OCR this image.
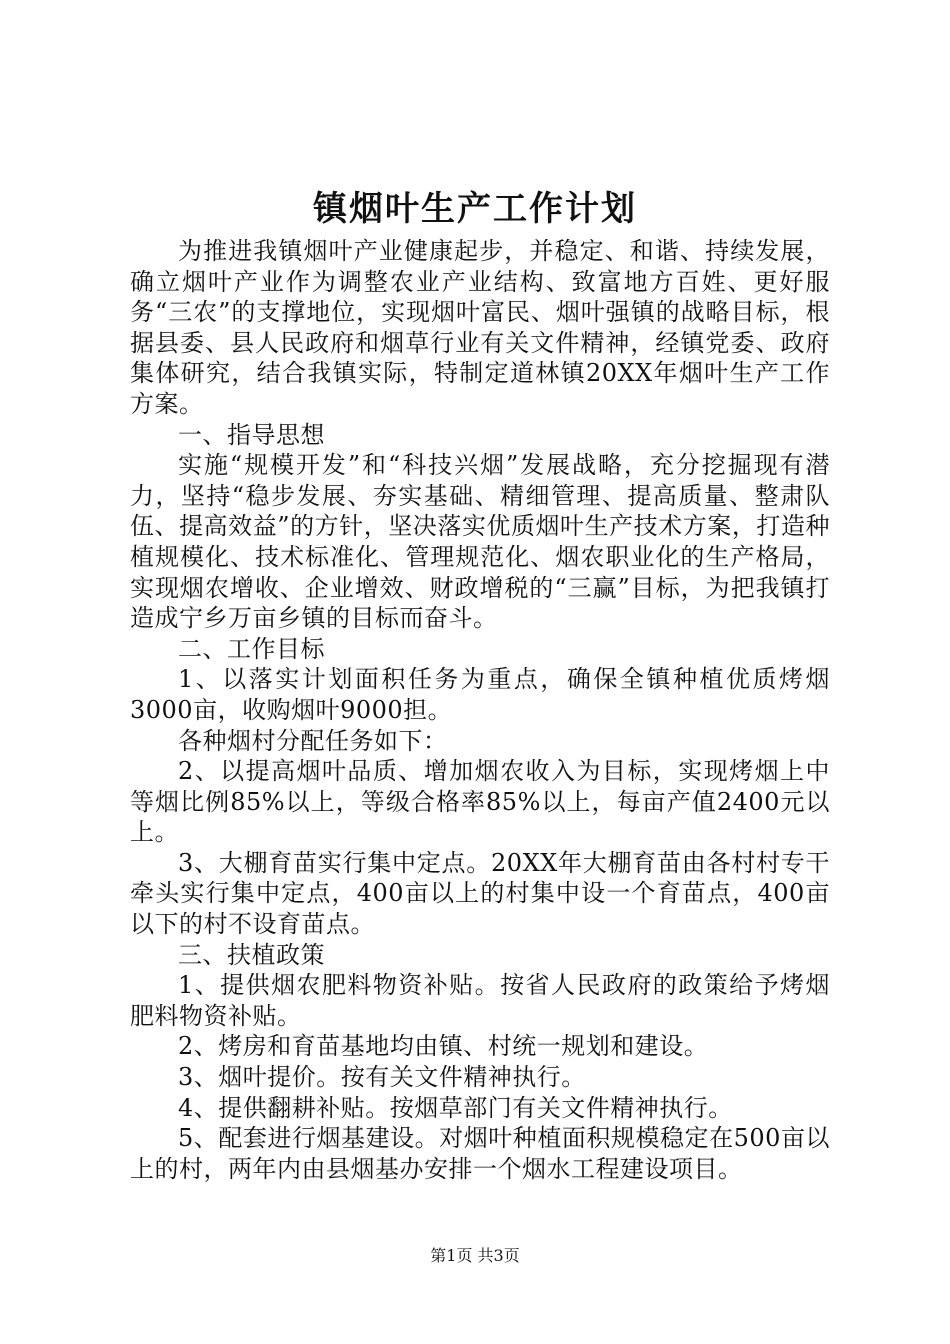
镇烟叶生产工作计划

为推进我镇烟叶产业健康起步，并稳定、和谐、持续发展，确立烟叶产业作为调整农业产业结构、致富地方百姓、更好服务“三农”的支撑地位，实现烟叶富民、烟叶强镇的战略目标，根据县委、县人民政府和烟草行业有关文件精神，经镇党委、政府集体研究，结合我镇实际，特制定道林镇20XX年烟叶生产工作方案。

一、指导思想

实施“规模开发”和“科技兴烟”发展战略，充分挖掘现有潜力，坚持“稳步发展、夯实基础、精细管理、提高质量、整肃队伍、提高效益”的方针，坚决落实优质烟叶生产技术方案，打造种植规模化、技术标准化、管理规范化、烟农职业化的生产格局，实现烟农增收、企业增效、财政增税的“三赢”目标，为把我镇打造成宁乡万亩乡镇的目标而奋斗。

二、工作目标

1、以落实计划面积任务为重点，确保全镇种植优质烤烟3000亩，收购烟叶9000担。

各种烟村分配任务如下：

2、以提高烟叶品质、增加烟农收入为目标，实现烤烟上中等烟比例85%以上，等级合格率85%以上，每亩产值2400元以上。

3、大棚育苗实行集中定点。20XX年大棚育苗由各村村专干牵头实行集中定点，400亩以上的村集中设一个育苗点，400亩以下的村不设育苗点。

三、扶植政策

1、提供烟农肥料物资补贴。按省人民政府的政策给予烤烟肥料物资补贴。

2、烤房和育苗基地均由镇、村统一规划和建设。

3、烟叶提价。按有关文件精神执行。

4、提供翻耕补贴。按烟草部门有关文件精神执行。

5、配套进行烟基建设。对烟叶种植面积规模稳定在500亩以上的村，两年内由县烟基办安排一个烟水工程建设项目。

第1页 共3页
